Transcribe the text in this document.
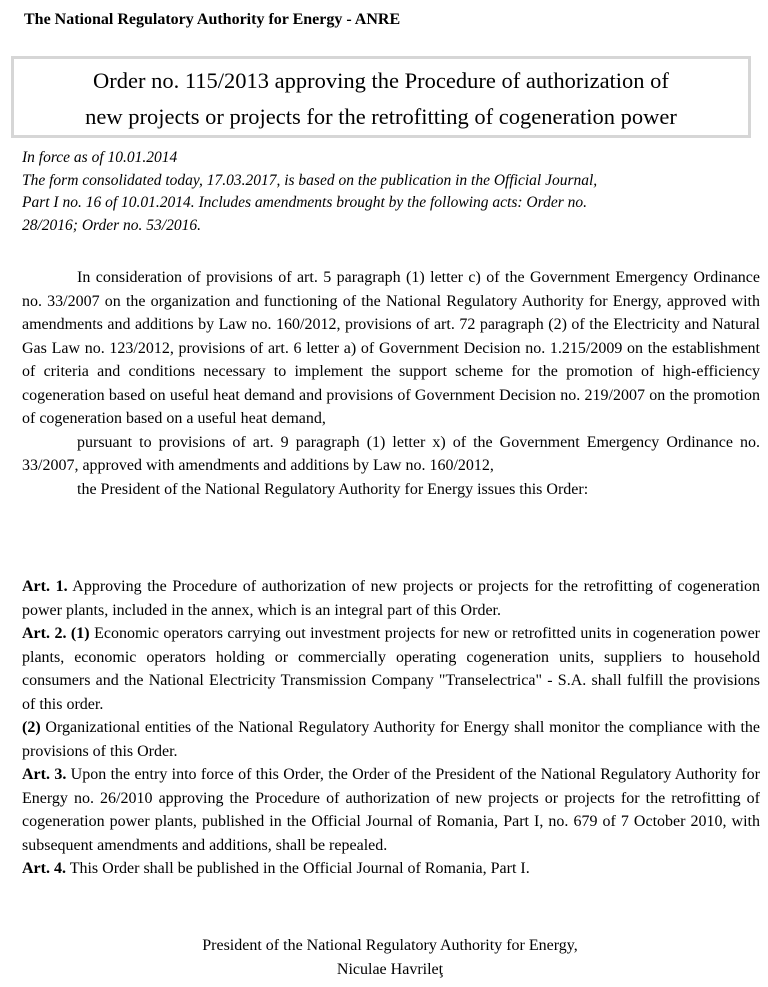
The National Regulatory Authority for Energy - ANRE
Order no. 115/2013 approving the Procedure of authorization of
new projects or projects for the retrofitting of cogeneration power
In force as of 10.01.2014
The form consolidated today, 17.03.2017, is based on the publication in the Official Journal,
Part I no. 16 of 10.01.2014. Includes amendments brought by the following acts: Order no.
28/2016; Order no. 53/2016.

In consideration of provisions of art. 5 paragraph (1) letter c) of the Government Emergency Ordinance no. 33/2007 on the organization and functioning of the National Regulatory Authority for Energy, approved with amendments and additions by Law no. 160/2012, provisions of art. 72 paragraph (2) of the Electricity and Natural Gas Law no. 123/2012, provisions of art. 6 letter a) of Government Decision no. 1.215/2009 on the establishment of criteria and conditions necessary to implement the support scheme for the promotion of high-efficiency cogeneration based on useful heat demand and provisions of Government Decision no. 219/2007 on the promotion of cogeneration based on a useful heat demand,

pursuant to provisions of art. 9 paragraph (1) letter x) of the Government Emergency Ordinance no. 33/2007, approved with amendments and additions by Law no. 160/2012,

the President of the National Regulatory Authority for Energy issues this Order:

Art. 1. Approving the Procedure of authorization of new projects or projects for the retrofitting of cogeneration power plants, included in the annex, which is an integral part of this Order.

Art. 2. (1) Economic operators carrying out investment projects for new or retrofitted units in cogeneration power plants, economic operators holding or commercially operating cogeneration units, suppliers to household consumers and the National Electricity Transmission Company "Transelectrica" - S.A. shall fulfill the provisions of this order.

(2) Organizational entities of the National Regulatory Authority for Energy shall monitor the compliance with the provisions of this Order.

Art. 3. Upon the entry into force of this Order, the Order of the President of the National Regulatory Authority for Energy no. 26/2010 approving the Procedure of authorization of new projects or projects for the retrofitting of cogeneration power plants, published in the Official Journal of Romania, Part I, no. 679 of 7 October 2010, with subsequent amendments and additions, shall be repealed.

Art. 4. This Order shall be published in the Official Journal of Romania, Part I.

President of the National Regulatory Authority for Energy,
Niculae Havrileţ
